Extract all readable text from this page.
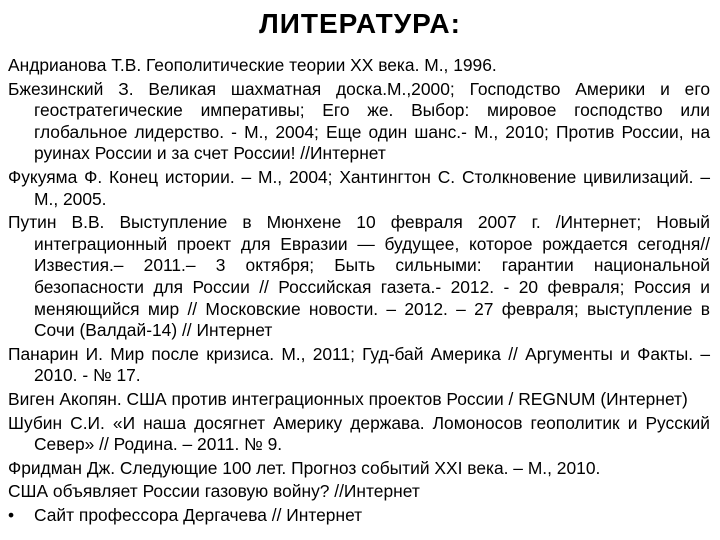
ЛИТЕРАТУРА:
Андрианова Т.В. Геополитические теории XX века. М., 1996.
Бжезинский З. Великая шахматная доска.М.,2000; Господство Америки и его геостратегические императивы; Его же. Выбор: мировое господство или глобальное лидерство. - М., 2004; Еще один шанс.- М., 2010; Против России, на руинах России и за счет России! //Интернет
Фукуяма Ф. Конец истории. – М., 2004; Хантингтон С. Столкновение цивилизаций. – М., 2005.
Путин В.В. Выступление в Мюнхене 10 февраля 2007 г. /Интернет; Новый интеграционный проект для Евразии — будущее, которое рождается сегодня//Известия.– 2011.– 3 октября; Быть сильными: гарантии национальной безопасности для России // Российская газета.- 2012. - 20 февраля; Россия и меняющийся мир // Московские новости. – 2012. – 27 февраля; выступление в Сочи (Валдай-14) // Интернет
Панарин И. Мир после кризиса. М., 2011; Гуд-бай Америка // Аргументы и Факты. – 2010. - № 17.
Виген Акопян. США против интеграционных проектов России / REGNUM (Интернет)
Шубин С.И. «И наша досягнет Америку держава. Ломоносов геополитик и Русский Север» // Родина. – 2011. № 9.
Фридман Дж. Следующие 100 лет. Прогноз событий XXI века. – М., 2010.
США объявляет России газовую войну? //Интернет
• Сайт профессора Дергачева // Интернет
